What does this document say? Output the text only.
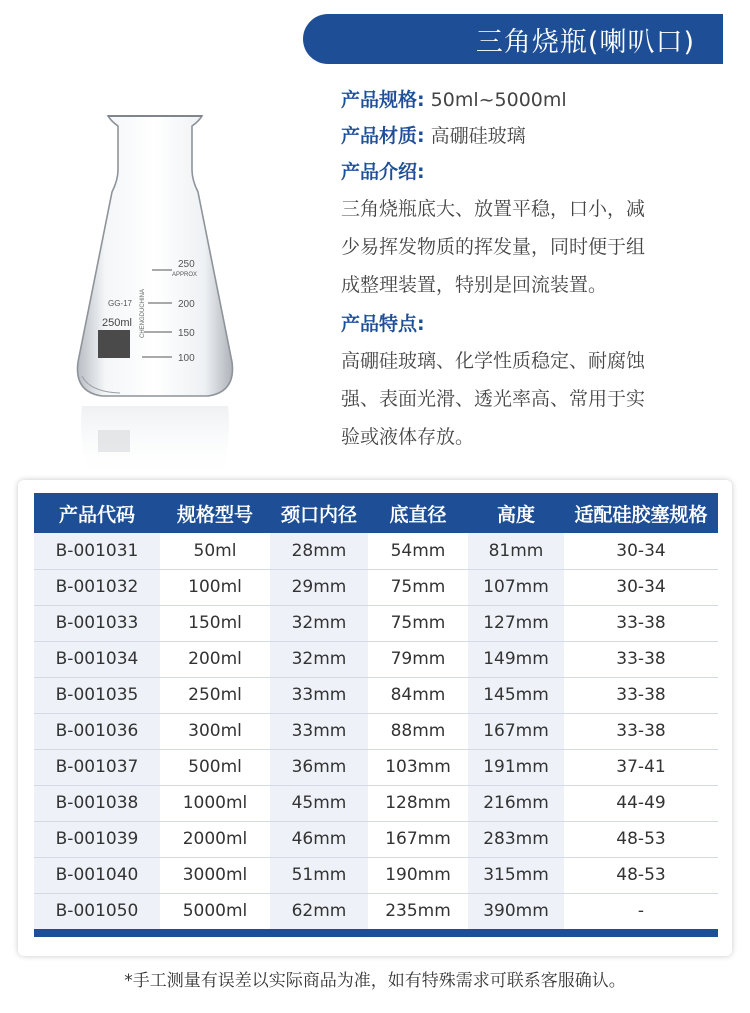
三角烧瓶(喇叭口)
250
200
150
100
APPROX
GG-17
250ml CHENGDUCHINA
产品规格: 50ml~5000ml
产品材质: 高硼硅玻璃
产品介绍:
三角烧瓶底大、放置平稳，口小，减
少易挥发物质的挥发量，同时便于组
成整理装置，特别是回流装置。
产品特点:
高硼硅玻璃、化学性质稳定、耐腐蚀
强、表面光滑、透光率高、常用于实
验或液体存放。
产品代码	规格型号	颈口内径	底直径	高度	适配硅胶塞规格
B-001031	50ml	28mm	54mm	81mm	30-34
B-001032	100ml	29mm	75mm	107mm	30-34
B-001033	150ml	32mm	75mm	127mm	33-38
B-001034	200ml	32mm	79mm	149mm	33-38
B-001035	250ml	33mm	84mm	145mm	33-38
B-001036	300ml	33mm	88mm	167mm	33-38
B-001037	500ml	36mm	103mm	191mm	37-41
B-001038	1000ml	45mm	128mm	216mm	44-49
B-001039	2000ml	46mm	167mm	283mm	48-53
B-001040	3000ml	51mm	190mm	315mm	48-53
B-001050	5000ml	62mm	235mm	390mm	-
*手工测量有误差以实际商品为准，如有特殊需求可联系客服确认。
